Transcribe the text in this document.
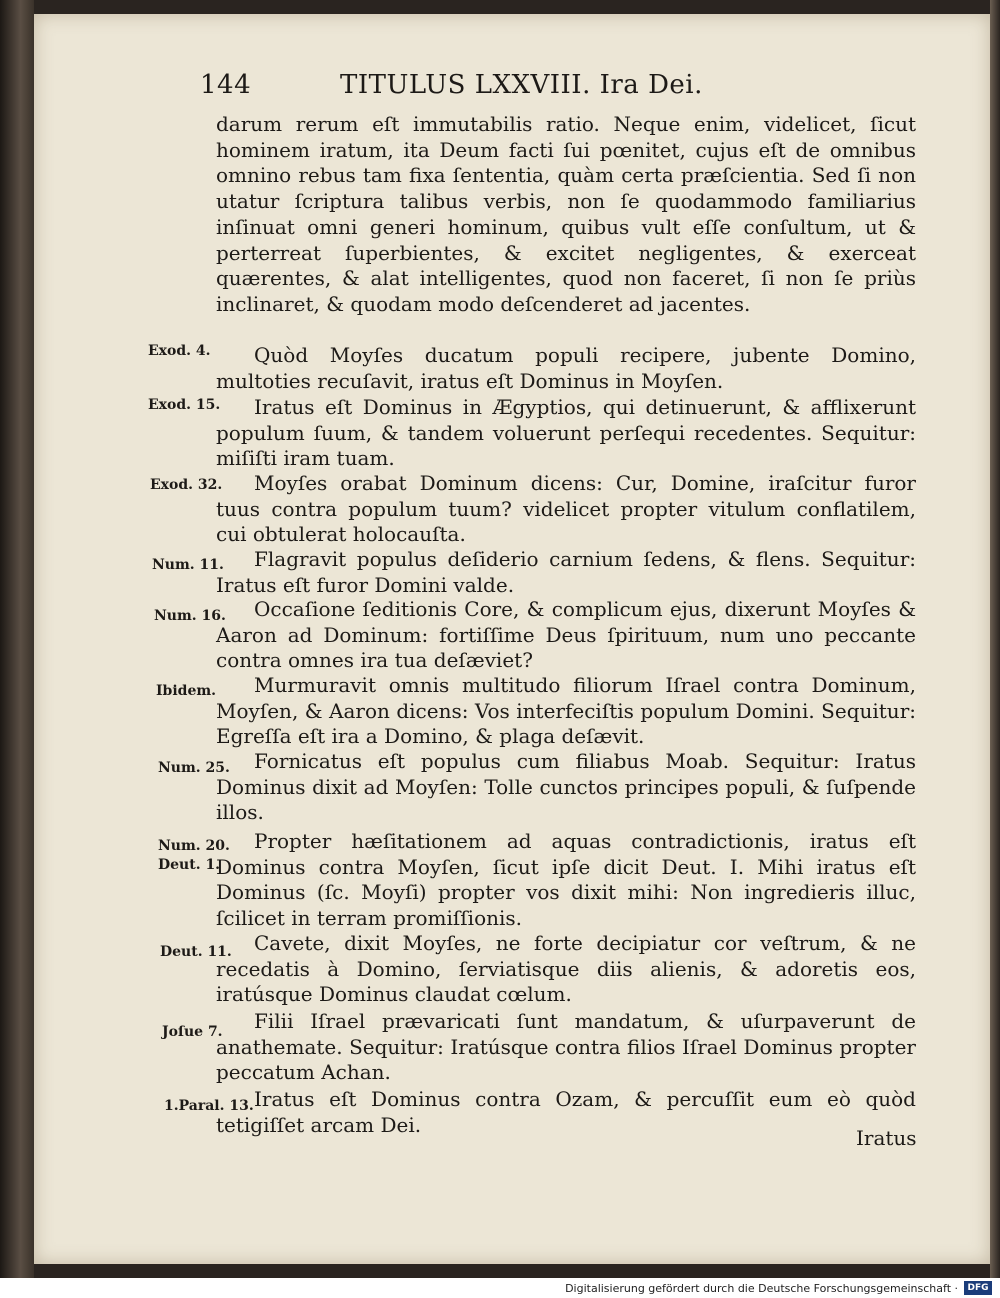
144	TITULUS LXXVIII. Ira Dei.

darum rerum eſt immutabilis ratio. Neque enim, videlicet, ſicut hominem iratum, ita Deum facti ſui pœnitet, cujus eſt de omnibus omnino rebus tam fixa ſententia, quàm certa præſcientia. Sed ſi non utatur ſcriptura talibus verbis, non ſe quodammodo familiarius inſinuat omni generi hominum, quibus vult eſſe conſultum, ut & perterreat ſuperbientes, & excitet negligentes, & exerceat quærentes, & alat intelligentes, quod non faceret, ſi non ſe priùs inclinaret, & quodam modo deſcenderet ad jacentes.

Quòd Moyſes ducatum populi recipere, jubente Domino, multoties recuſavit, iratus eſt Dominus in Moyſen.

Iratus eſt Dominus in Ægyptios, qui detinuerunt, & afflixerunt populum ſuum, & tandem voluerunt perſequi recedentes. Sequitur: miſiſti iram tuam.

Moyſes orabat Dominum dicens: Cur, Domine, iraſcitur furor tuus contra populum tuum? videlicet propter vitulum conflatilem, cui obtulerat holocauſta.

Flagravit populus deſiderio carnium ſedens, & flens. Sequitur: Iratus eſt furor Domini valde.

Occaſione ſeditionis Core, & complicum ejus, dixerunt Moyſes & Aaron ad Dominum: fortiſſime Deus ſpirituum, num uno peccante contra omnes ira tua deſæviet?

Murmuravit omnis multitudo filiorum Iſrael contra Dominum, Moyſen, & Aaron dicens: Vos interfeciſtis populum Domini. Sequitur: Egreſſa eſt ira a Domino, & plaga deſævit.

Fornicatus eſt populus cum filiabus Moab. Sequitur: Iratus Dominus dixit ad Moyſen: Tolle cunctos principes populi, & ſuſpende illos.

Propter hæſitationem ad aquas contradictionis, iratus eſt Dominus contra Moyſen, ſicut ipſe dicit Deut. I. Mihi iratus eſt Dominus (ſc. Moyſi) propter vos dixit mihi: Non ingredieris illuc, ſcilicet in terram promiſſionis.

Cavete, dixit Moyſes, ne forte decipiatur cor veſtrum, & ne recedatis à Domino, ſerviatisque diis alienis, & adoretis eos, iratúsque Dominus claudat cœlum.

Filii Iſrael prævaricati ſunt mandatum, & uſurpaverunt de anathemate. Sequitur: Iratúsque contra filios Iſrael Dominus propter peccatum Achan.

Iratus eſt Dominus contra Ozam, & percuſſit eum eò quòd tetigiſſet arcam Dei.

Exod. 4.
Exod. 15.
Exod. 32.
Num. 11.
Num. 16.
Ibidem.
Num. 25.
Num. 20.
Deut. 1.
Deut. 11.
Joſue 7.
1.Paral. 13.
Iratus
Digitalisierung gefördert durch die Deutsche Forschungsgemeinschaft ·	DFG
